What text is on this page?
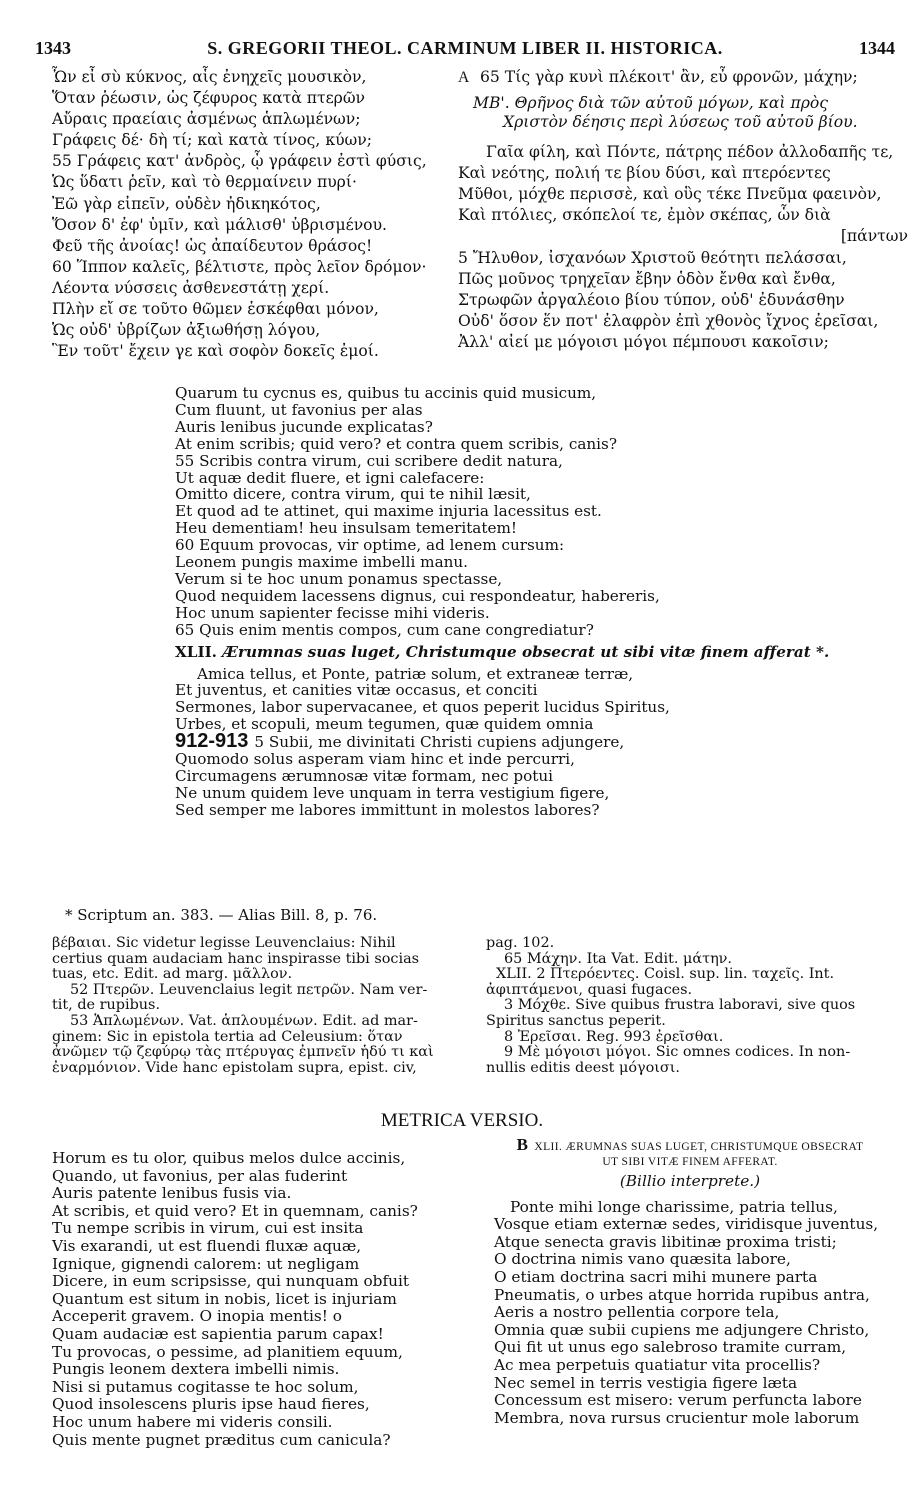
1343	S. GREGORII THEOL. CARMINUM LIBER II. HISTORICA.	1344
Ὧν εἶ σὺ κύκνος, αἷς ἐνηχεῖς μουσικὸν,
Ὅταν ῥέωσιν, ὡς ζέφυρος κατὰ πτερῶν
Αὔραις πραείαις ἀσμένως ἁπλωμένων;
Γράφεις δέ· δὴ τί; καὶ κατὰ τίνος, κύων;
55 Γράφεις κατ' ἀνδρὸς, ᾧ γράφειν ἐστὶ φύσις,
Ὡς ὕδατι ῥεῖν, καὶ τὸ θερμαίνειν πυρί·
Ἐῶ γὰρ εἰπεῖν, οὐδὲν ἠδικηκότος,
Ὅσον δ' ἐφ' ὑμῖν, καὶ μάλισθ' ὑβρισμένου.
Φεῦ τῆς ἀνοίας! ὡς ἀπαίδευτον θράσος!
60 Ἵππον καλεῖς, βέλτιστε, πρὸς λεῖον δρόμον·
Λέοντα νύσσεις ἀσθενεστάτῃ χερί.
Πλὴν εἴ σε τοῦτο θῶμεν ἐσκέφθαι μόνον,
Ὡς οὐδ' ὑβρίζων ἀξιωθήσῃ λόγου,
Ἓν τοῦτ' ἔχειν γε καὶ σοφὸν δοκεῖς ἐμοί.
A 65 Τίς γὰρ κυνὶ πλέκοιτ' ἂν, εὖ φρονῶν, μάχην;
ΜΒ'. Θρῆνος διὰ τῶν αὐτοῦ μόγων, καὶ πρὸς
Χριστὸν δέησις περὶ λύσεως τοῦ αὐτοῦ βίου.
Γαῖα φίλη, καὶ Πόντε, πάτρης πέδον ἀλλοδαπῆς τε,
Καὶ νεότης, πολιή τε βίου δύσι, καὶ πτερόεντες
Μῦθοι, μόχθε περισσὲ, καὶ οὓς τέκε Πνεῦμα φαεινὸν,
Καὶ πτόλιες, σκόπελοί τε, ἐμὸν σκέπας, ὧν διὰ
[πάντων
5 Ἤλυθον, ἰσχανόων Χριστοῦ θεότητι πελάσσαι,
Πῶς μοῦνος τρηχεῖαν ἔβην ὁδὸν ἔνθα καὶ ἔνθα,
Στρωφῶν ἀργαλέοιο βίου τύπον, οὐδ' ἐδυνάσθην
Οὐδ' ὅσον ἕν ποτ' ἐλαφρὸν ἐπὶ χθονὸς ἴχνος ἐρεῖσαι,
Ἀλλ' αἰεί με μόγοισι μόγοι πέμπουσι κακοῖσιν;
Quarum tu cycnus es, quibus tu accinis quid musicum,
Cum fluunt, ut favonius per alas
Auris lenibus jucunde explicatas?
At enim scribis; quid vero? et contra quem scribis, canis?
55 Scribis contra virum, cui scribere dedit natura,
Ut aquæ dedit fluere, et igni calefacere:
Omitto dicere, contra virum, qui te nihil læsit,
Et quod ad te attinet, qui maxime injuria lacessitus est.
Heu dementiam! heu insulsam temeritatem!
60 Equum provocas, vir optime, ad lenem cursum:
Leonem pungis maxime imbelli manu.
Verum si te hoc unum ponamus spectasse,
Quod nequidem lacessens dignus, cui respondeatur, habereris,
Hoc unum sapienter fecisse mihi videris.
65 Quis enim mentis compos, cum cane congrediatur?
XLII. Ærumnas suas luget, Christumque obsecrat ut sibi vitæ finem afferat *.
Amica tellus, et Ponte, patriæ solum, et extraneæ terræ,
Et juventus, et canities vitæ occasus, et conciti
Sermones, labor supervacanee, et quos peperit lucidus Spiritus,
Urbes, et scopuli, meum tegumen, quæ quidem omnia
912-913 5 Subii, me divinitati Christi cupiens adjungere,
Quomodo solus asperam viam hinc et inde percurri,
Circumagens ærumnosæ vitæ formam, nec potui
Ne unum quidem leve unquam in terra vestigium figere,
Sed semper me labores immittunt in molestos labores?
* Scriptum an. 383. — Alias Bill. 8, p. 76.
βέβαιαι. Sic videtur legisse Leuvenclaius: Nihil
certius quam audaciam hanc inspirasse tibi socias
tuas, etc. Edit. ad marg. μᾶλλον.
52 Πτερῶν. Leuvenclaius legit πετρῶν. Nam ver-
tit, de rupibus.
53 Ἁπλωμένων. Vat. ἁπλουμένων. Edit. ad mar-
ginem: Sic in epistola tertia ad Celeusium: ὅταν
ἀνῶμεν τῷ ζεφύρῳ τὰς πτέρυγας ἐμπνεῖν ἡδύ τι καὶ
ἐναρμόνιον. Vide hanc epistolam supra, epist. civ,
pag. 102.
65 Μάχην. Ita Vat. Edit. μάτην.
XLII. 2 Πτερόεντες. Coisl. sup. lin. ταχεῖς. Int.
ἀφιπτάμενοι, quasi fugaces.
3 Μόχθε. Sive quibus frustra laboravi, sive quos
Spiritus sanctus peperit.
8 Ἐρεῖσαι. Reg. 993 ἐρεῖσθαι.
9 Μὲ μόγοισι μόγοι. Sic omnes codices. In non-
nullis editis deest μόγοισι.
METRICA VERSIO.
Horum es tu olor, quibus melos dulce accinis,
Quando, ut favonius, per alas fuderint
Auris patente lenibus fusis via.
At scribis, et quid vero? Et in quemnam, canis?
Tu nempe scribis in virum, cui est insita
Vis exarandi, ut est fluendi fluxæ aquæ,
Ignique, gignendi calorem: ut negligam
Dicere, in eum scripsisse, qui nunquam obfuit
Quantum est situm in nobis, licet is injuriam
Acceperit gravem. O inopia mentis! o
Quam audaciæ est sapientia parum capax!
Tu provocas, o pessime, ad planitiem equum,
Pungis leonem dextera imbelli nimis.
Nisi si putamus cogitasse te hoc solum,
Quod insolescens pluris ipse haud fieres,
Hoc unum habere mi videris consili.
Quis mente pugnet præditus cum canicula?
B XLII. ÆRUMNAS SUAS LUGET, CHRISTUMQUE OBSECRAT
UT SIBI VITÆ FINEM AFFERAT.
(Billio interprete.)
Ponte mihi longe charissime, patria tellus,
Vosque etiam externæ sedes, viridisque juventus,
Atque senecta gravis libitinæ proxima tristi;
O doctrina nimis vano quæsita labore,
O etiam doctrina sacri mihi munere parta
Pneumatis, o urbes atque horrida rupibus antra,
Aeris a nostro pellentia corpore tela,
Omnia quæ subii cupiens me adjungere Christo,
Qui fit ut unus ego salebroso tramite curram,
Ac mea perpetuis quatiatur vita procellis?
Nec semel in terris vestigia figere læta
Concessum est misero: verum perfuncta labore
Membra, nova rursus crucientur mole laborum
